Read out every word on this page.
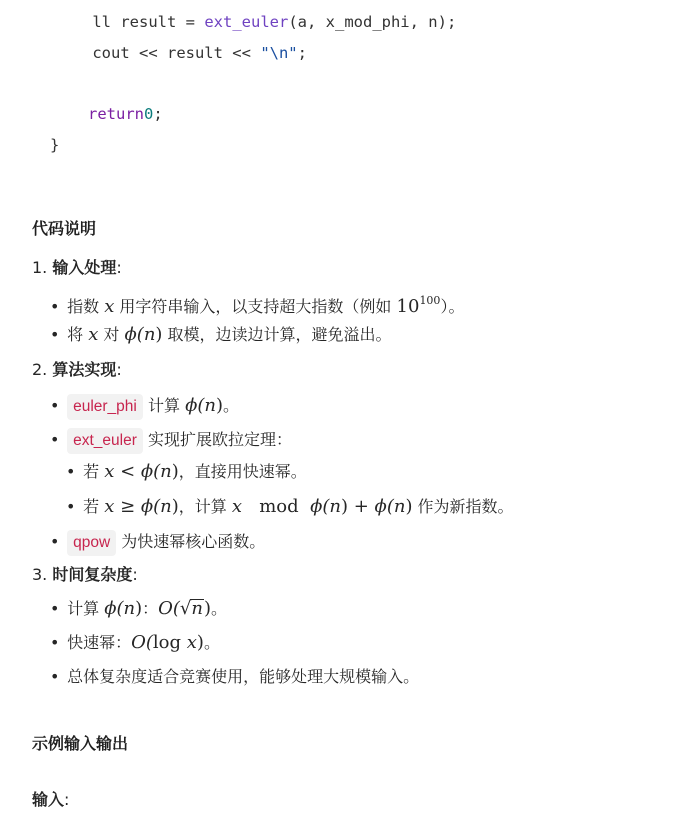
ll result = ext_euler(a, x_mod_phi, n);
cout << result << "\n";
return0;
}
代码说明
1. 输入处理:
• 指数 x 用字符串输入，以支持超大指数（例如 $10^{100}$）。
• 将 x 对 ϕ(n) 取模，边读边计算，避免溢出。
2. 算法实现:
• euler_phi 计算 ϕ(n)。
• ext_euler 实现扩展欧拉定理：
• 若 x < ϕ(n)，直接用快速幂。
• 若 x ≥ ϕ(n)，计算 x   mod  ϕ(n) + ϕ(n) 作为新指数。
• qpow 为快速幂核心函数。
3. 时间复杂度:
• 计算 ϕ(n)：O(√n)。
• 快速幂：O(log x)。
• 总体复杂度适合竞赛使用，能够处理大规模输入。
示例输入输出
输入:
